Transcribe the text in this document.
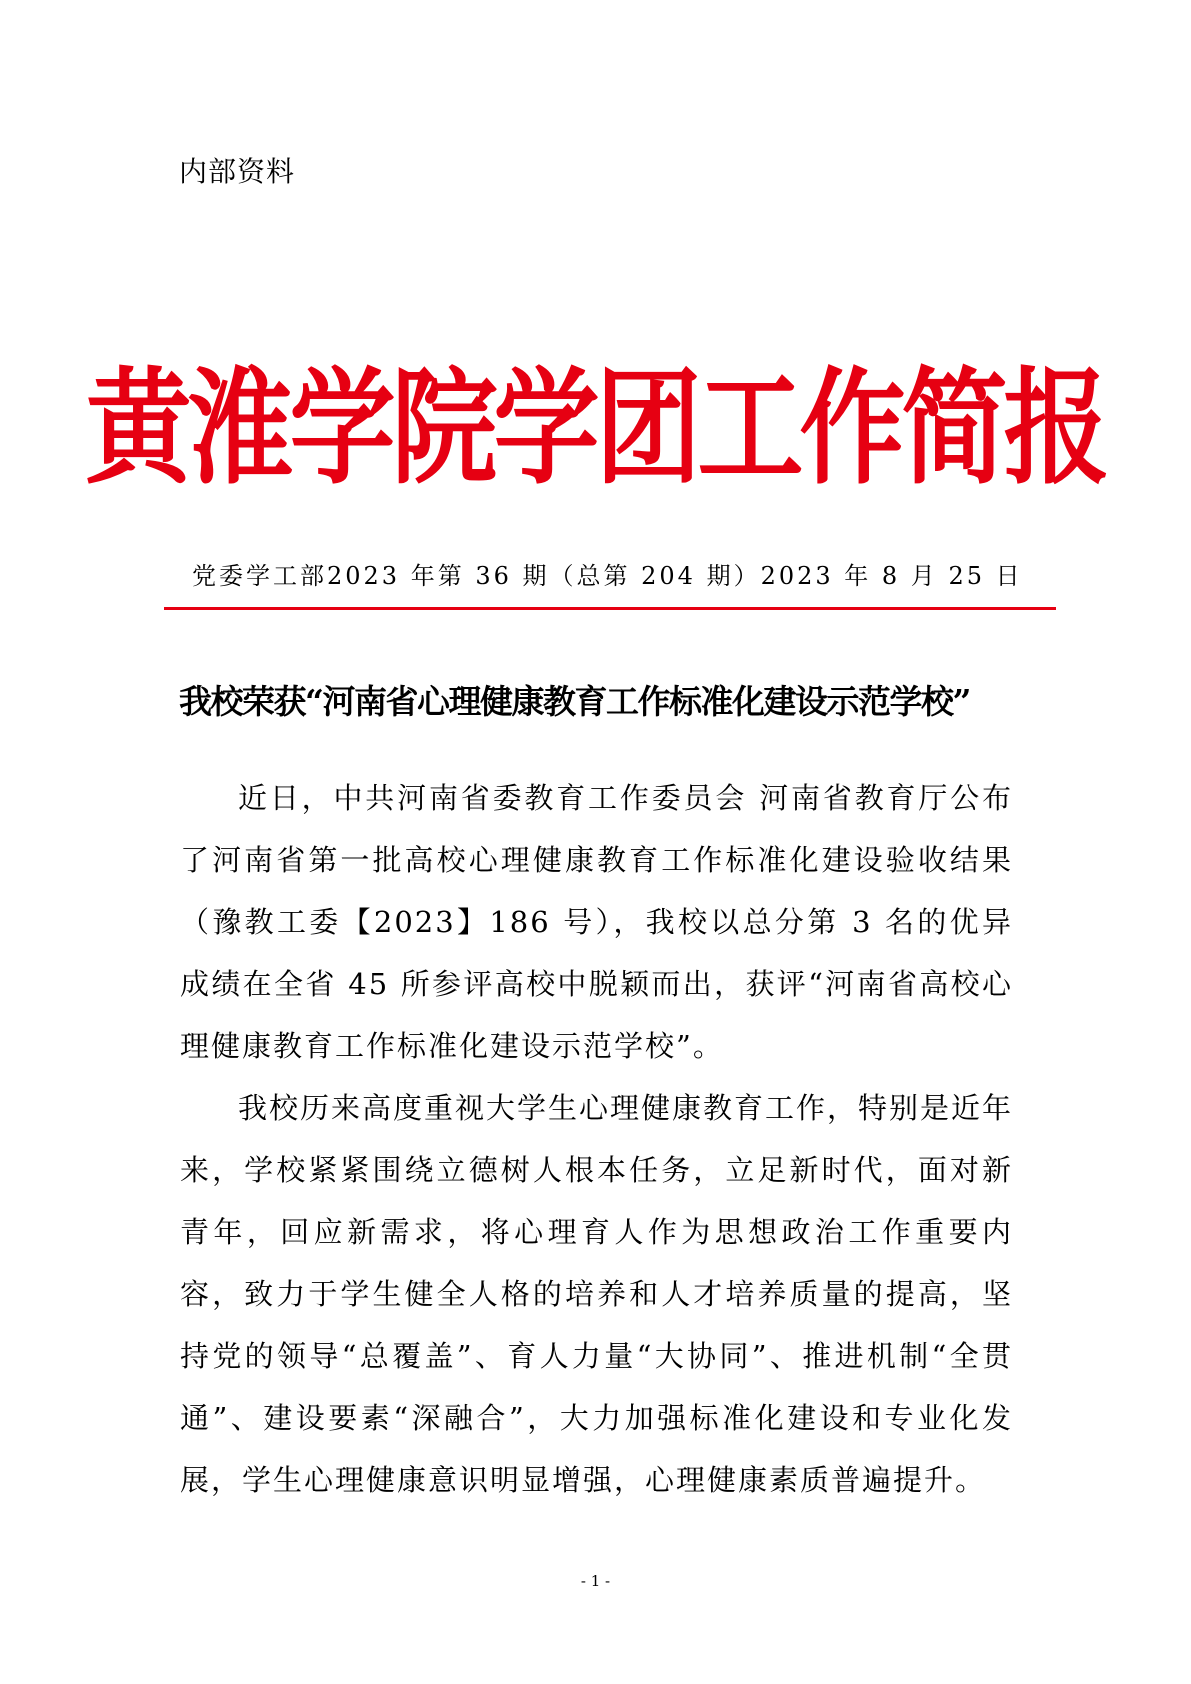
内部资料
黄淮学院学团工作简报
党委学工部 2023 年第 36 期（总第 204 期） 2023 年 8 月 25 日
我校荣获“河南省心理健康教育工作标准化建设示范学校”

近日，中共河南省委教育工作委员会 河南省教育厅公布了河南省第一批高校心理健康教育工作标准化建设验收结果（豫教工委【2023】186 号），我校以总分第 3 名的优异成绩在全省 45 所参评高校中脱颖而出，获评“河南省高校心理健康教育工作标准化建设示范学校”。

我校历来高度重视大学生心理健康教育工作，特别是近年来，学校紧紧围绕立德树人根本任务，立足新时代，面对新青年，回应新需求，将心理育人作为思想政治工作重要内容，致力于学生健全人格的培养和人才培养质量的提高，坚持党的领导“总覆盖”、育人力量“大协同”、推进机制“全贯通”、建设要素“深融合”，大力加强标准化建设和专业化发展，学生心理健康意识明显增强，心理健康素质普遍提升。

- 1 -
